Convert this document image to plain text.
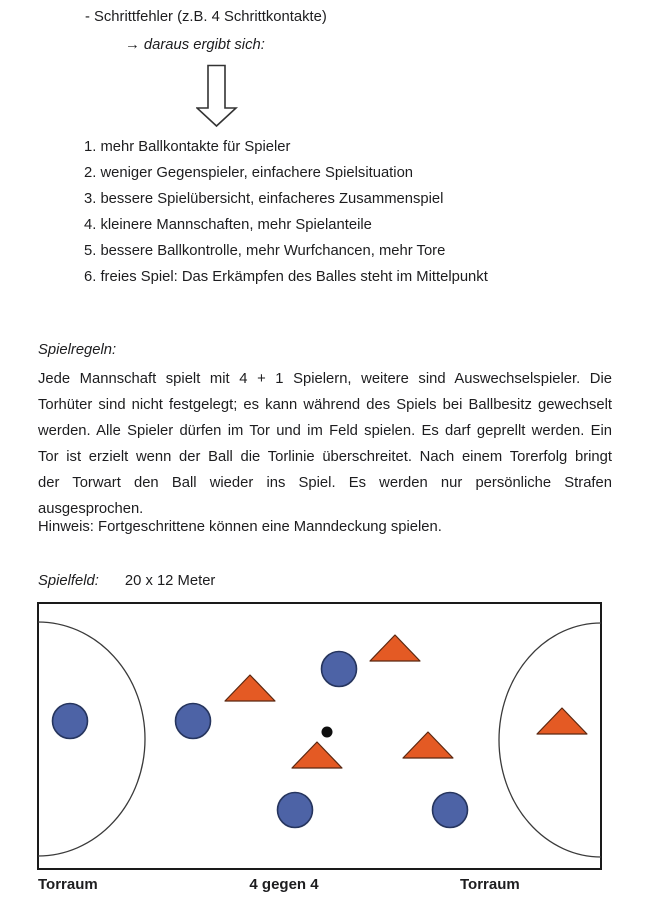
- Schrittfehler (z.B. 4 Schrittkontakte)
→ daraus ergibt sich:
1. mehr Ballkontakte für Spieler
2. weniger Gegenspieler, einfachere Spielsituation
3. bessere Spielübersicht, einfacheres Zusammenspiel
4. kleinere Mannschaften, mehr Spielanteile
5. bessere Ballkontrolle, mehr Wurfchancen, mehr Tore
6. freies Spiel: Das Erkämpfen des Balles steht im Mittelpunkt
Spielregeln:
Jede Mannschaft spielt mit 4 + 1 Spielern, weitere sind Auswechselspieler. Die
Torhüter sind nicht festgelegt; es kann während des Spiels bei Ballbesitz gewechselt
werden. Alle Spieler dürfen im Tor und im Feld spielen. Es darf geprellt werden. Ein
Tor ist erzielt wenn der Ball die Torlinie überschreitet. Nach einem Torerfolg bringt
der Torwart den Ball wieder ins Spiel. Es werden nur persönliche Strafen
ausgesprochen.
Hinweis: Fortgeschrittene können eine Manndeckung spielen.
Spielfeld: 20 x 12 Meter
Torraum	4 gegen 4	Torraum
